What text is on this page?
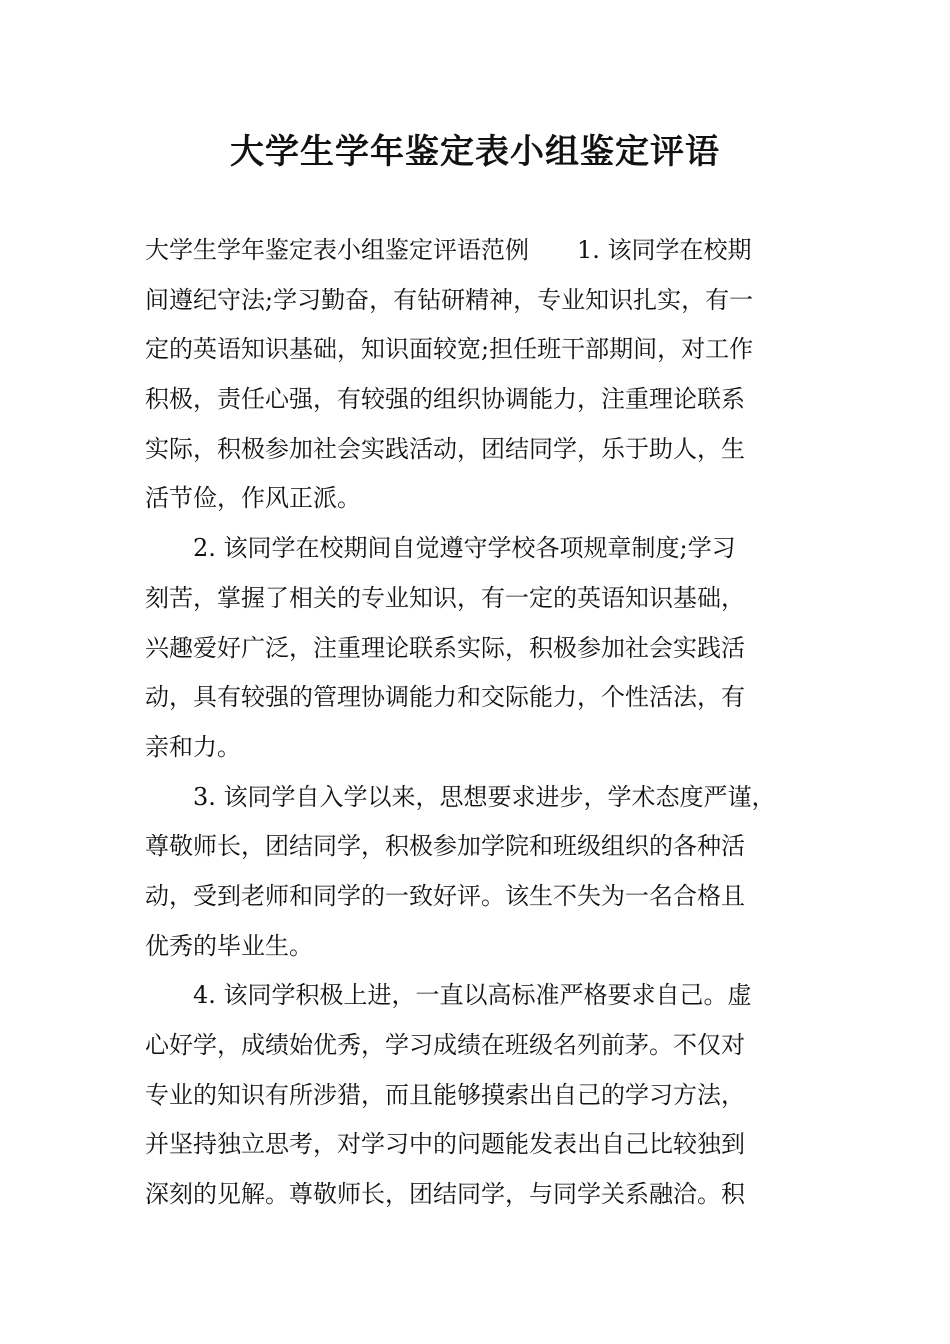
大学生学年鉴定表小组鉴定评语
大学生学年鉴定表小组鉴定评语范例　　1. 该同学在校期
间遵纪守法;学习勤奋，有钻研精神，专业知识扎实，有一
定的英语知识基础，知识面较宽;担任班干部期间，对工作
积极，责任心强，有较强的组织协调能力，注重理论联系
实际，积极参加社会实践活动，团结同学，乐于助人，生
活节俭，作风正派。
2. 该同学在校期间自觉遵守学校各项规章制度;学习
刻苦，掌握了相关的专业知识，有一定的英语知识基础，
兴趣爱好广泛，注重理论联系实际，积极参加社会实践活
动，具有较强的管理协调能力和交际能力，个性活法，有
亲和力。
3. 该同学自入学以来，思想要求进步，学术态度严谨，
尊敬师长，团结同学，积极参加学院和班级组织的各种活
动，受到老师和同学的一致好评。该生不失为一名合格且
优秀的毕业生。
4. 该同学积极上进，一直以高标准严格要求自己。虚
心好学，成绩始优秀，学习成绩在班级名列前茅。不仅对
专业的知识有所涉猎，而且能够摸索出自己的学习方法，
并坚持独立思考，对学习中的问题能发表出自己比较独到
深刻的见解。尊敬师长，团结同学，与同学关系融洽。积
